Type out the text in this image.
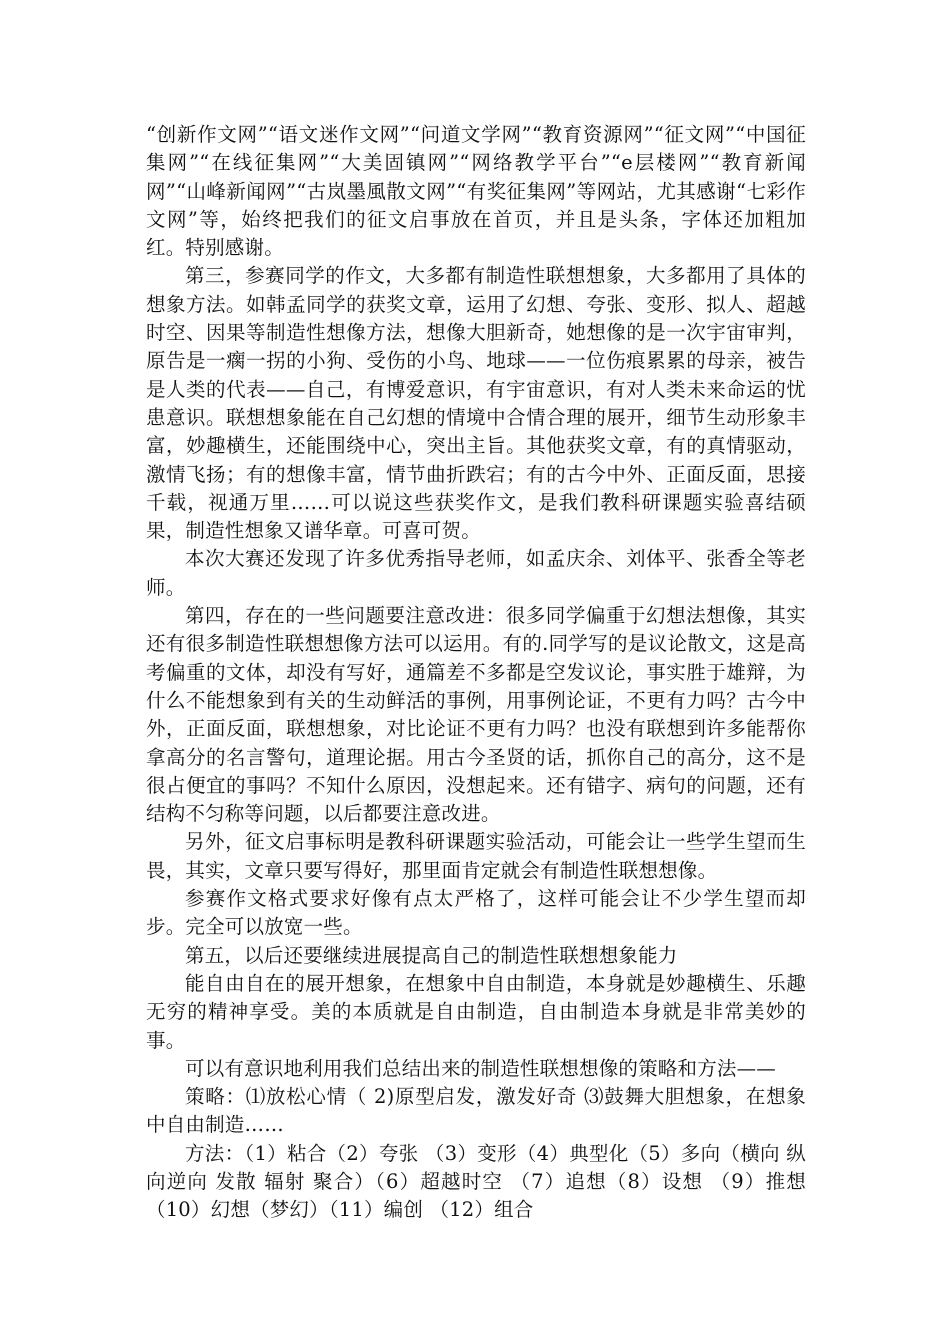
“创新作文网”“语文迷作文网”“问道文学网”“教育资源网”“征文网”“中国征集网”“在线征集网”“大美固镇网”“网络教学平台”“e层楼网”“教育新闻网”“山峰新闻网”“古岚墨風散文网”“有奖征集网”等网站，尤其感谢“七彩作文网”等，始终把我们的征文启事放在首页，并且是头条，字体还加粗加红。特别感谢。

第三，参赛同学的作文，大多都有制造性联想想象，大多都用了具体的想象方法。如韩孟同学的获奖文章，运用了幻想、夸张、变形、拟人、超越时空、因果等制造性想像方法，想像大胆新奇，她想像的是一次宇宙审判，原告是一瘸一拐的小狗、受伤的小鸟、地球——一位伤痕累累的母亲，被告是人类的代表——自己，有博爱意识，有宇宙意识，有对人类未来命运的忧患意识。联想想象能在自己幻想的情境中合情合理的展开，细节生动形象丰富，妙趣横生，还能围绕中心，突出主旨。其他获奖文章，有的真情驱动，激情飞扬；有的想像丰富，情节曲折跌宕；有的古今中外、正面反面，思接千载，视通万里……可以说这些获奖作文，是我们教科研课题实验喜结硕果，制造性想象又谱华章。可喜可贺。

本次大赛还发现了许多优秀指导老师，如孟庆余、刘体平、张香全等老师。

第四，存在的一些问题要注意改进：很多同学偏重于幻想法想像，其实还有很多制造性联想想像方法可以运用。有的.同学写的是议论散文，这是高考偏重的文体，却没有写好，通篇差不多都是空发议论，事实胜于雄辩，为什么不能想象到有关的生动鲜活的事例，用事例论证，不更有力吗？古今中外，正面反面，联想想象，对比论证不更有力吗？也没有联想到许多能帮你拿高分的名言警句，道理论据。用古今圣贤的话，抓你自己的高分，这不是很占便宜的事吗？不知什么原因，没想起来。还有错字、病句的问题，还有结构不匀称等问题，以后都要注意改进。

另外，征文启事标明是教科研课题实验活动，可能会让一些学生望而生畏，其实，文章只要写得好，那里面肯定就会有制造性联想想像。

参赛作文格式要求好像有点太严格了，这样可能会让不少学生望而却步。完全可以放宽一些。

第五，以后还要继续进展提高自己的制造性联想想象能力

能自由自在的展开想象，在想象中自由制造，本身就是妙趣横生、乐趣无穷的精神享受。美的本质就是自由制造，自由制造本身就是非常美妙的事。

可以有意识地利用我们总结出来的制造性联想想像的策略和方法——

策略：⑴放松心情（ 2)原型启发，激发好奇 ⑶鼓舞大胆想象，在想象中自由制造……

方法：（1）粘合（2）夸张 （3）变形（4）典型化（5）多向（横向 纵向逆向 发散 辐射 聚合）（6）超越时空 （7）追想（8）设想 （9）推想（10）幻想（梦幻）（11）编创 （12）组合
